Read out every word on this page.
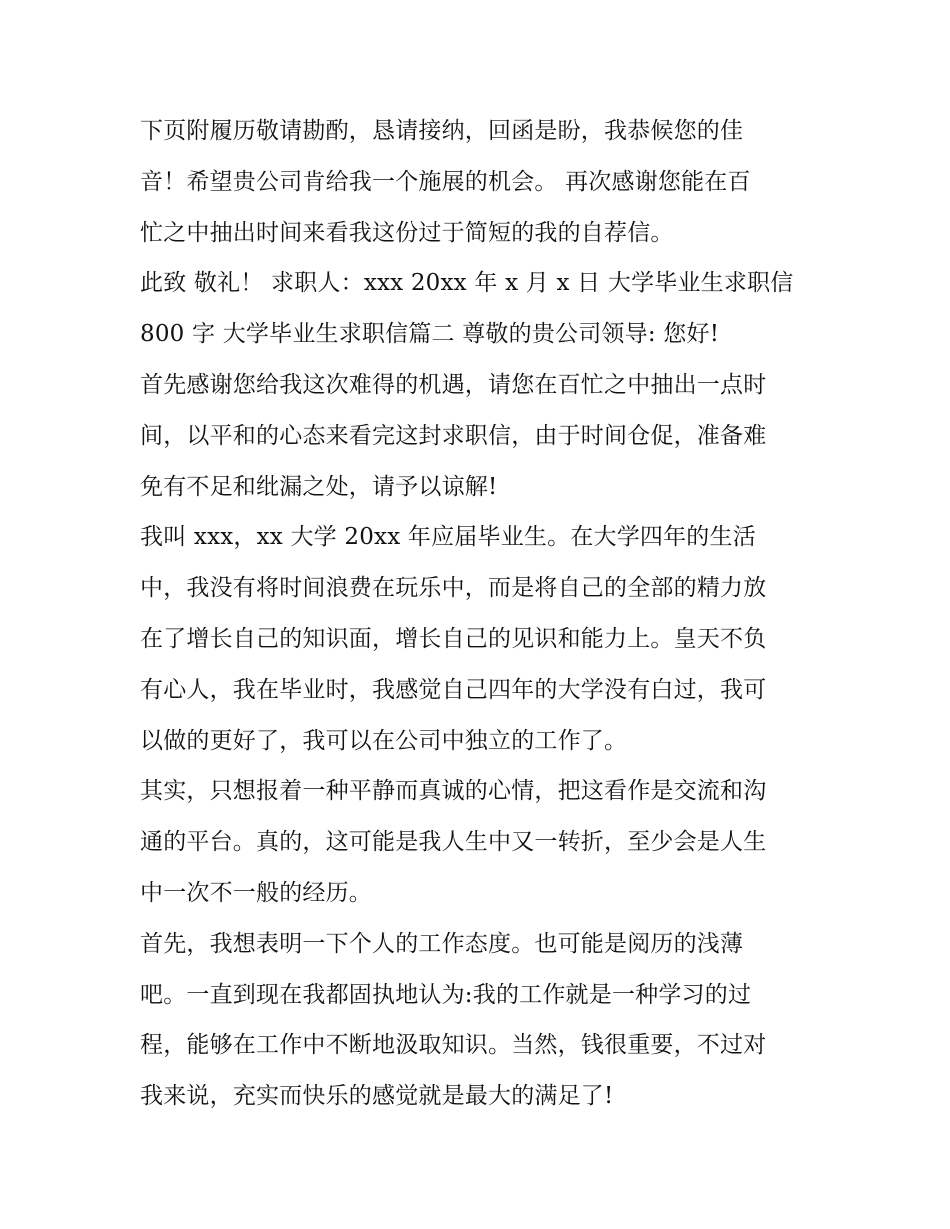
下页附履历敬请勘酌，恳请接纳，回函是盼，我恭候您的佳
音！希望贵公司肯给我一个施展的机会。 再次感谢您能在百
忙之中抽出时间来看我这份过于简短的我的自荐信。
此致 敬礼！ 求职人：xxx 20xx 年 x 月 x 日 大学毕业生求职信
800 字 大学毕业生求职信篇二 尊敬的贵公司领导: 您好!
首先感谢您给我这次难得的机遇，请您在百忙之中抽出一点时
间，以平和的心态来看完这封求职信，由于时间仓促，准备难
免有不足和纰漏之处，请予以谅解!
我叫 xxx，xx 大学 20xx 年应届毕业生。在大学四年的生活
中，我没有将时间浪费在玩乐中，而是将自己的全部的精力放
在了增长自己的知识面，增长自己的见识和能力上。皇天不负
有心人，我在毕业时，我感觉自己四年的大学没有白过，我可
以做的更好了，我可以在公司中独立的工作了。
其实，只想报着一种平静而真诚的心情，把这看作是交流和沟
通的平台。真的，这可能是我人生中又一转折，至少会是人生
中一次不一般的经历。
首先，我想表明一下个人的工作态度。也可能是阅历的浅薄
吧。一直到现在我都固执地认为:我的工作就是一种学习的过
程，能够在工作中不断地汲取知识。当然，钱很重要，不过对
我来说，充实而快乐的感觉就是最大的满足了!
